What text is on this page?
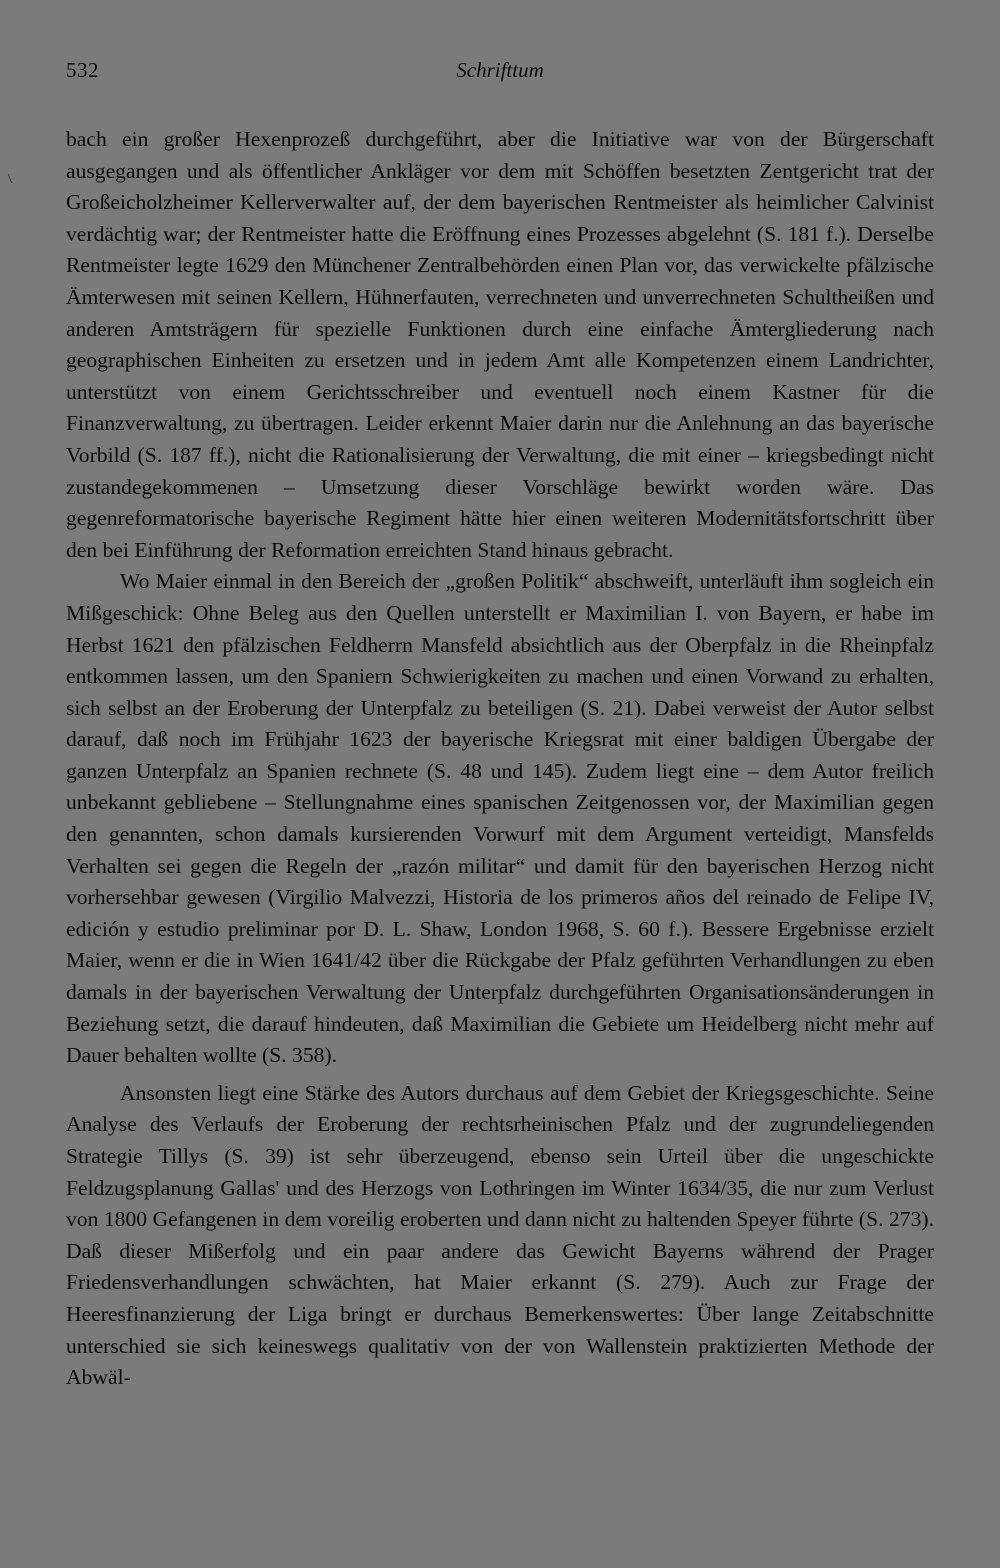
532	Schrifttum
\

bach ein großer Hexenprozeß durchgeführt, aber die Initiative war von der Bürgerschaft ausgegangen und als öffentlicher Ankläger vor dem mit Schöffen besetzten Zentgericht trat der Großeicholzheimer Kellerverwalter auf, der dem bayerischen Rentmeister als heimlicher Calvinist verdächtig war; der Rentmeister hatte die Eröffnung eines Prozesses abgelehnt (S. 181 f.). Derselbe Rentmeister legte 1629 den Münchener Zentralbehörden einen Plan vor, das verwickelte pfälzische Ämterwesen mit seinen Kellern, Hühnerfauten, verrechneten und unverrechneten Schultheißen und anderen Amtsträgern für spezielle Funktionen durch eine einfache Ämtergliederung nach geographischen Einheiten zu ersetzen und in jedem Amt alle Kompetenzen einem Landrichter, unterstützt von einem Gerichtsschreiber und eventuell noch einem Kastner für die Finanzverwaltung, zu übertragen. Leider erkennt Maier darin nur die Anlehnung an das bayerische Vorbild (S. 187 ff.), nicht die Rationalisierung der Verwaltung, die mit einer – kriegsbedingt nicht zustandegekommenen – Umsetzung dieser Vorschläge bewirkt worden wäre. Das gegenreformatorische bayerische Regiment hätte hier einen weiteren Modernitätsfortschritt über den bei Einführung der Reformation erreichten Stand hinaus gebracht.

Wo Maier einmal in den Bereich der „großen Politik“ abschweift, unterläuft ihm sogleich ein Mißgeschick: Ohne Beleg aus den Quellen unterstellt er Maximilian I. von Bayern, er habe im Herbst 1621 den pfälzischen Feldherrn Mansfeld absichtlich aus der Oberpfalz in die Rheinpfalz entkommen lassen, um den Spaniern Schwierigkeiten zu machen und einen Vorwand zu erhalten, sich selbst an der Eroberung der Unterpfalz zu beteiligen (S. 21). Dabei verweist der Autor selbst darauf, daß noch im Frühjahr 1623 der bayerische Kriegsrat mit einer baldigen Übergabe der ganzen Unterpfalz an Spanien rechnete (S. 48 und 145). Zudem liegt eine – dem Autor freilich unbekannt gebliebene – Stellungnahme eines spanischen Zeitgenossen vor, der Maximilian gegen den genannten, schon damals kursierenden Vorwurf mit dem Argument verteidigt, Mansfelds Verhalten sei gegen die Regeln der „razón militar“ und damit für den bayerischen Herzog nicht vorhersehbar gewesen (Virgilio Malvezzi, Historia de los primeros años del reinado de Felipe IV, edición y estudio preliminar por D. L. Shaw, London 1968, S. 60 f.). Bessere Ergebnisse erzielt Maier, wenn er die in Wien 1641/42 über die Rückgabe der Pfalz geführten Verhandlungen zu eben damals in der bayerischen Verwaltung der Unterpfalz durchgeführten Organisationsänderungen in Beziehung setzt, die darauf hindeuten, daß Maximilian die Gebiete um Heidelberg nicht mehr auf Dauer behalten wollte (S. 358).

Ansonsten liegt eine Stärke des Autors durchaus auf dem Gebiet der Kriegsgeschichte. Seine Analyse des Verlaufs der Eroberung der rechtsrheinischen Pfalz und der zugrundeliegenden Strategie Tillys (S. 39) ist sehr überzeugend, ebenso sein Urteil über die ungeschickte Feldzugsplanung Gallas' und des Herzogs von Lothringen im Winter 1634/35, die nur zum Verlust von 1800 Gefangenen in dem voreilig eroberten und dann nicht zu haltenden Speyer führte (S. 273). Daß dieser Mißerfolg und ein paar andere das Gewicht Bayerns während der Prager Friedensverhandlungen schwächten, hat Maier erkannt (S. 279). Auch zur Frage der Heeresfinanzierung der Liga bringt er durchaus Bemerkenswertes: Über lange Zeitabschnitte unterschied sie sich keineswegs qualitativ von der von Wallenstein praktizierten Methode der Abwäl-
